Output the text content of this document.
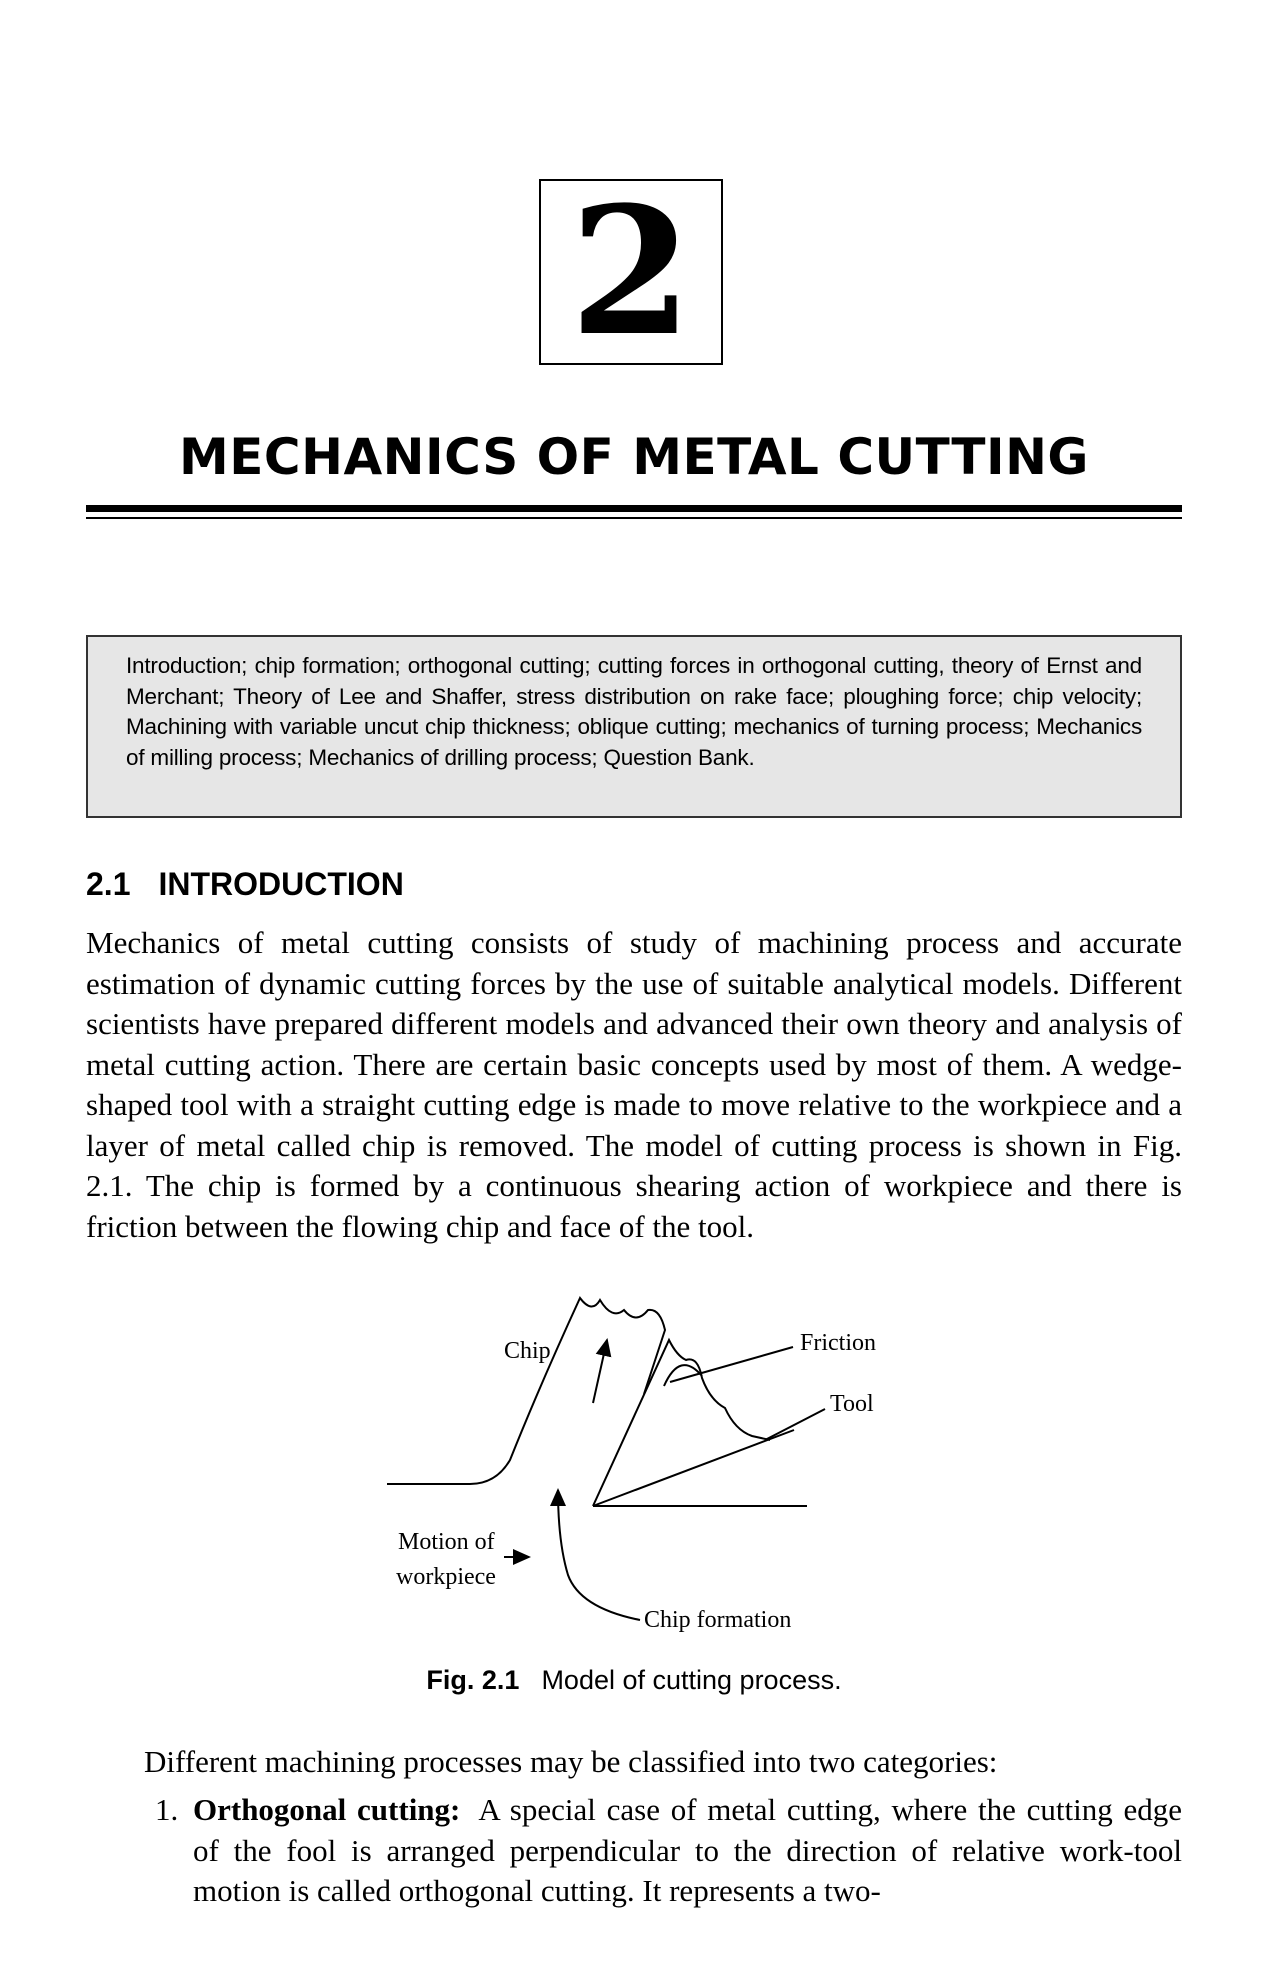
2
MECHANICS OF METAL CUTTING
Introduction; chip formation; orthogonal cutting; cutting forces in orthogonal cutting, theory of Ernst and Merchant; Theory of Lee and Shaffer, stress distribution on rake face; ploughing force; chip velocity; Machining with variable uncut chip thickness; oblique cutting; mechanics of turning process; Mechanics of milling process; Mechanics of drilling process; Question Bank.
2.1 INTRODUCTION
Mechanics of metal cutting consists of study of machining process and accurate estimation of dynamic cutting forces by the use of suitable analytical models. Different scientists have prepared different models and advanced their own theory and analysis of metal cutting action. There are certain basic concepts used by most of them. A wedge-shaped tool with a straight cutting edge is made to move relative to the workpiece and a layer of metal called chip is removed. The model of cutting process is shown in Fig. 2.1. The chip is formed by a continuous shearing action of workpiece and there is friction between the flowing chip and face of the tool.
Chip	Friction
Tool
Motion of
workpiece
Chip formation
Fig. 2.1 Model of cutting process.
Different machining processes may be classified into two categories:
1. Orthogonal cutting: A special case of metal cutting, where the cutting edge of the fool is arranged perpendicular to the direction of relative work-tool motion is called orthogonal cutting. It represents a two-
